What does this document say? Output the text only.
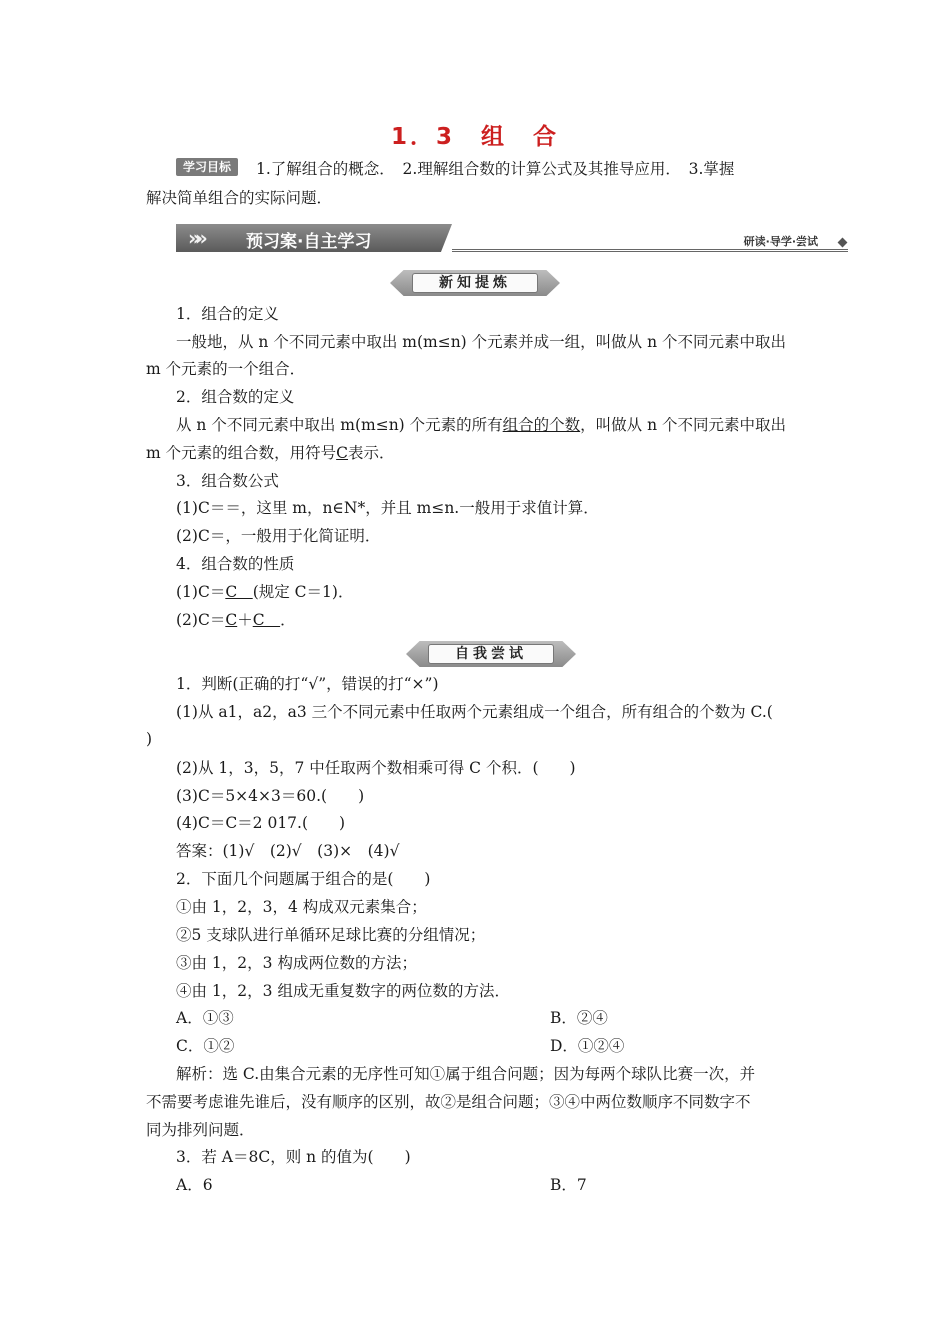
1．3　组　合
学习目标	1.了解组合的概念．　2.理解组合数的计算公式及其推导应用．　3.掌握
解决简单组合的实际问题．
»»	预习案·自主学习	研读·导学·尝试
新知提炼
1．组合的定义
一般地，从 n 个不同元素中取出 m(m≤n) 个元素并成一组，叫做从 n 个不同元素中取出
m 个元素的一个组合．
2．组合数的定义
从 n 个不同元素中取出 m(m≤n) 个元素的所有组合的个数，叫做从 n 个不同元素中取出
m 个元素的组合数，用符号C表示．
3．组合数公式
(1)C＝＝，这里 m，n∈N*，并且 m≤n.一般用于求值计算．
(2)C＝，一般用于化简证明．
4．组合数的性质
(1)C＝C　(规定 C＝1)．
(2)C＝C＋C　．
自我尝试
1．判断(正确的打“√”，错误的打“×”)
(1)从 a1，a2，a3 三个不同元素中任取两个元素组成一个组合，所有组合的个数为 C.(
)
(2)从 1，3，5，7 中任取两个数相乘可得 C 个积．(　　)
(3)C＝5×4×3＝60.(　　)
(4)C＝C＝2 017.(　　)
答案：(1)√　(2)√　(3)×　(4)√
2．下面几个问题属于组合的是(　　)
①由 1，2，3，4 构成双元素集合；
②5 支球队进行单循环足球比赛的分组情况；
③由 1，2，3 构成两位数的方法；
④由 1，2，3 组成无重复数字的两位数的方法．
A．①③	B．②④
C．①②	D．①②④
解析：选 C.由集合元素的无序性可知①属于组合问题；因为每两个球队比赛一次，并
不需要考虑谁先谁后，没有顺序的区别，故②是组合问题；③④中两位数顺序不同数字不
同为排列问题．
3．若 A＝8C，则 n 的值为(　　)
A．6	B．7
